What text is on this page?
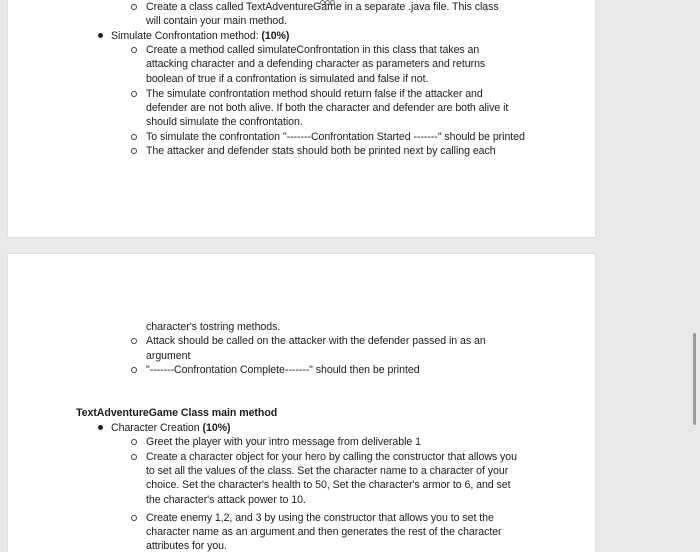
Create a class called TextAdventureGame in a separate .java file. This class
will contain your main method.
Simulate Confrontation method: (10%)
Create a method called simulateConfrontation in this class that takes an
attacking character and a defending character as parameters and returns
boolean of true if a confrontation is simulated and false if not.
The simulate confrontation method should return false if the attacker and
defender are not both alive. If both the character and defender are both alive it
should simulate the confrontation.
To simulate the confrontation "-------Confrontation Started -------" should be printed
The attacker and defender stats should both be printed next by calling each
character's tostring methods.
Attack should be called on the attacker with the defender passed in as an
argument
"-------Confrontation Complete-------" should then be printed
TextAdventureGame Class main method
Character Creation (10%)
Greet the player with your intro message from deliverable 1
Create a character object for your hero by calling the constructor that allows you
to set all the values of the class. Set the character name to a character of your
choice. Set the character's health to 50, Set the character's armor to 6, and set
the character's attack power to 10.
Create enemy 1,2, and 3 by using the constructor that allows you to set the
character name as an argument and then generates the rest of the character
attributes for you.
